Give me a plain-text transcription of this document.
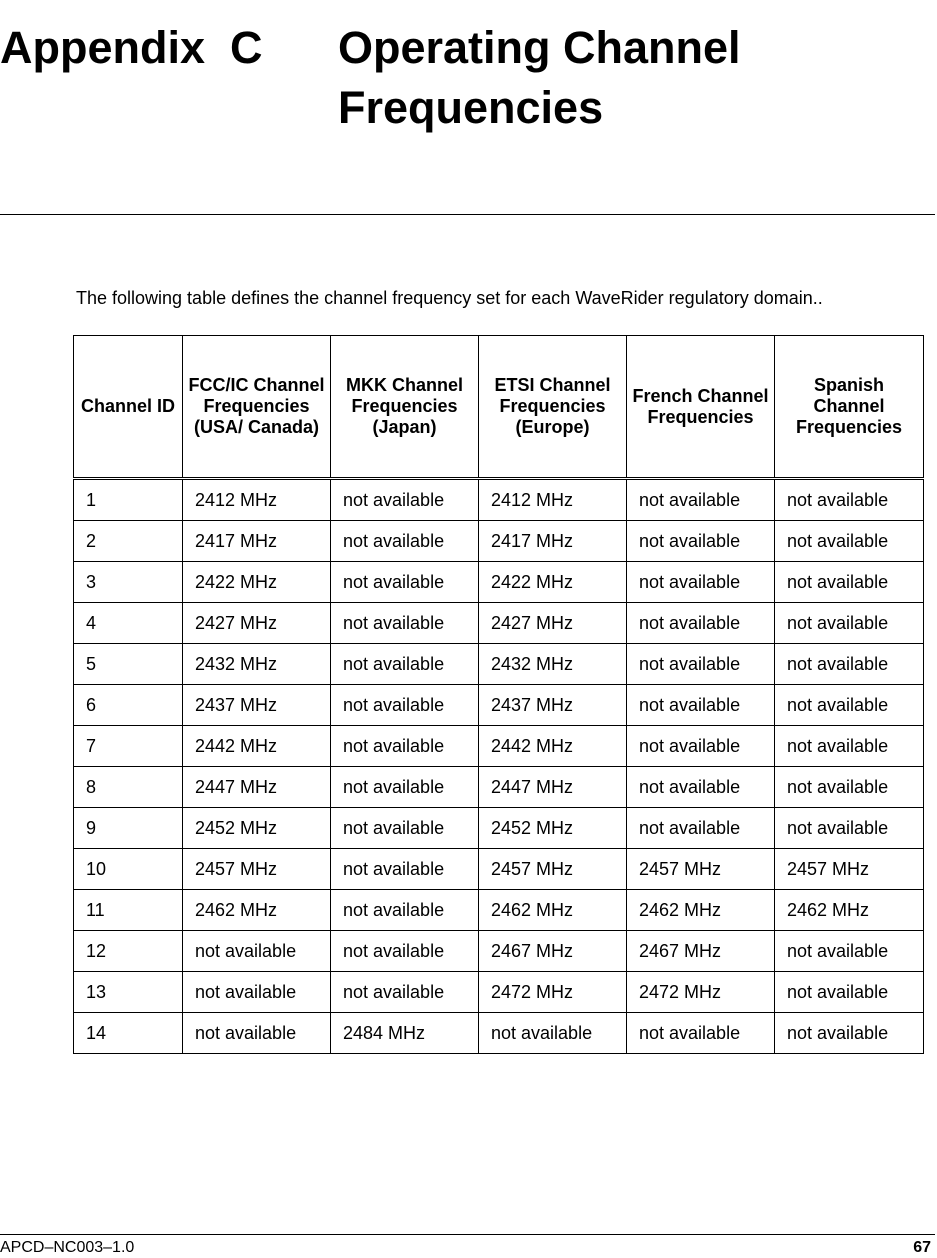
Appendix  C Operating Channel
Frequencies

The following table defines the channel frequency set for each WaveRider regulatory domain..

Channel ID	FCC/IC Channel Frequencies (USA/ Canada)	MKK Channel Frequencies (Japan)	ETSI Channel Frequencies (Europe)	French Channel Frequencies	Spanish Channel Frequencies
1	2412 MHz	not available	2412 MHz	not available	not available
2	2417 MHz	not available	2417 MHz	not available	not available
3	2422 MHz	not available	2422 MHz	not available	not available
4	2427 MHz	not available	2427 MHz	not available	not available
5	2432 MHz	not available	2432 MHz	not available	not available
6	2437 MHz	not available	2437 MHz	not available	not available
7	2442 MHz	not available	2442 MHz	not available	not available
8	2447 MHz	not available	2447 MHz	not available	not available
9	2452 MHz	not available	2452 MHz	not available	not available
10	2457 MHz	not available	2457 MHz	2457 MHz	2457 MHz
11	2462 MHz	not available	2462 MHz	2462 MHz	2462 MHz
12	not available	not available	2467 MHz	2467 MHz	not available
13	not available	not available	2472 MHz	2472 MHz	not available
14	not available	2484 MHz	not available	not available	not available

APCD–NC003–1.0	67
